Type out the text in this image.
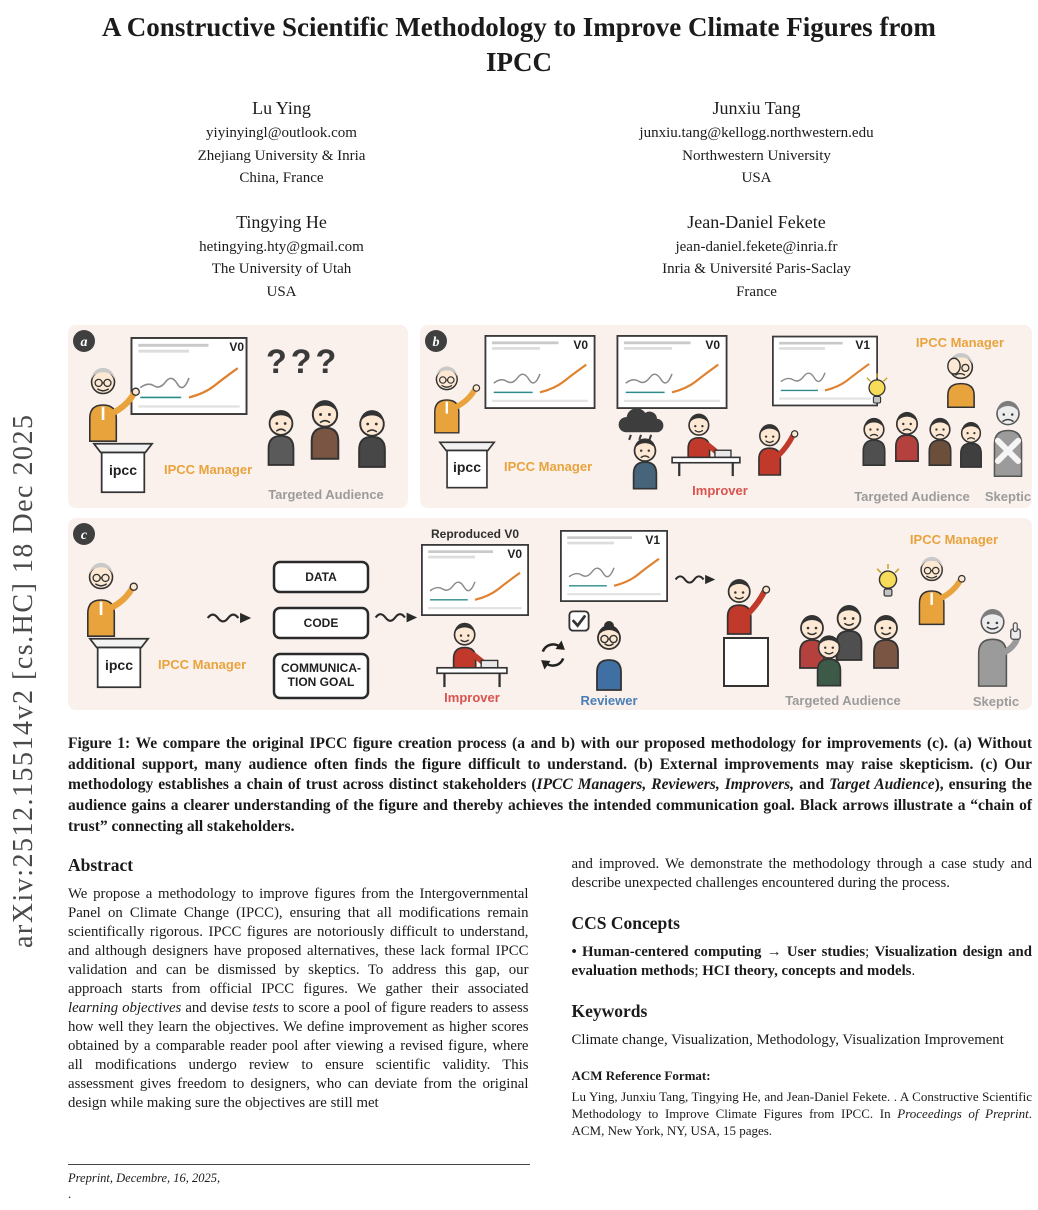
arXiv:2512.15514v2 [cs.HC] 18 Dec 2025
A Constructive Scientific Methodology to Improve Climate Figures from IPCC
Lu Ying
yiyinyingl@outlook.com
Zhejiang University & Inria
China, France
Junxiu Tang
junxiu.tang@kellogg.northwestern.edu
Northwestern University
USA
Tingying He
hetingying.hty@gmail.com
The University of Utah
USA
Jean-Daniel Fekete
jean-daniel.fekete@inria.fr
Inria & Université Paris-Saclay
France
a	V0
ipcc IPCC Manager
???
Targeted Audience
b	V0
ipcc IPCC Manager
V0
Improver
V1
Targeted Audience
IPCC Manager
Skeptic
c
ipcc IPCC Manager
DATA
CODE
COMMUNICA-
TION GOAL
Reproduced V0
V0
Improver	Reviewer
V1
Targeted Audience
IPCC Manager
Skeptic

Figure 1: We compare the original IPCC figure creation process (a and b) with our proposed methodology for improvements (c). (a) Without additional support, many audience often finds the figure difficult to understand. (b) External improvements may raise skepticism. (c) Our methodology establishes a chain of trust across distinct stakeholders (IPCC Managers, Reviewers, Improvers, and Target Audience), ensuring the audience gains a clearer understanding of the figure and thereby achieves the intended communication goal. Black arrows illustrate a “chain of trust” connecting all stakeholders.

Abstract

We propose a methodology to improve figures from the Intergovernmental Panel on Climate Change (IPCC), ensuring that all modifications remain scientifically rigorous. IPCC figures are notoriously difficult to understand, and although designers have proposed alternatives, these lack formal IPCC validation and can be dismissed by skeptics. To address this gap, our approach starts from official IPCC figures. We gather their associated learning objectives and devise tests to score a pool of figure readers to assess how well they learn the objectives. We define improvement as higher scores obtained by a comparable reader pool after viewing a revised figure, where all modifications undergo review to ensure scientific validity. This assessment gives freedom to designers, who can deviate from the original design while making sure the objectives are still met

and improved. We demonstrate the methodology through a case study and describe unexpected challenges encountered during the process.

CCS Concepts

• Human-centered computing → User studies; Visualization design and evaluation methods; HCI theory, concepts and models.

Keywords

Climate change, Visualization, Methodology, Visualization Improvement

ACM Reference Format:

Lu Ying, Junxiu Tang, Tingying He, and Jean-Daniel Fekete. . A Constructive Scientific Methodology to Improve Climate Figures from IPCC. In Proceedings of Preprint. ACM, New York, NY, USA, 15 pages.

Preprint, Decembre, 16, 2025,
.
